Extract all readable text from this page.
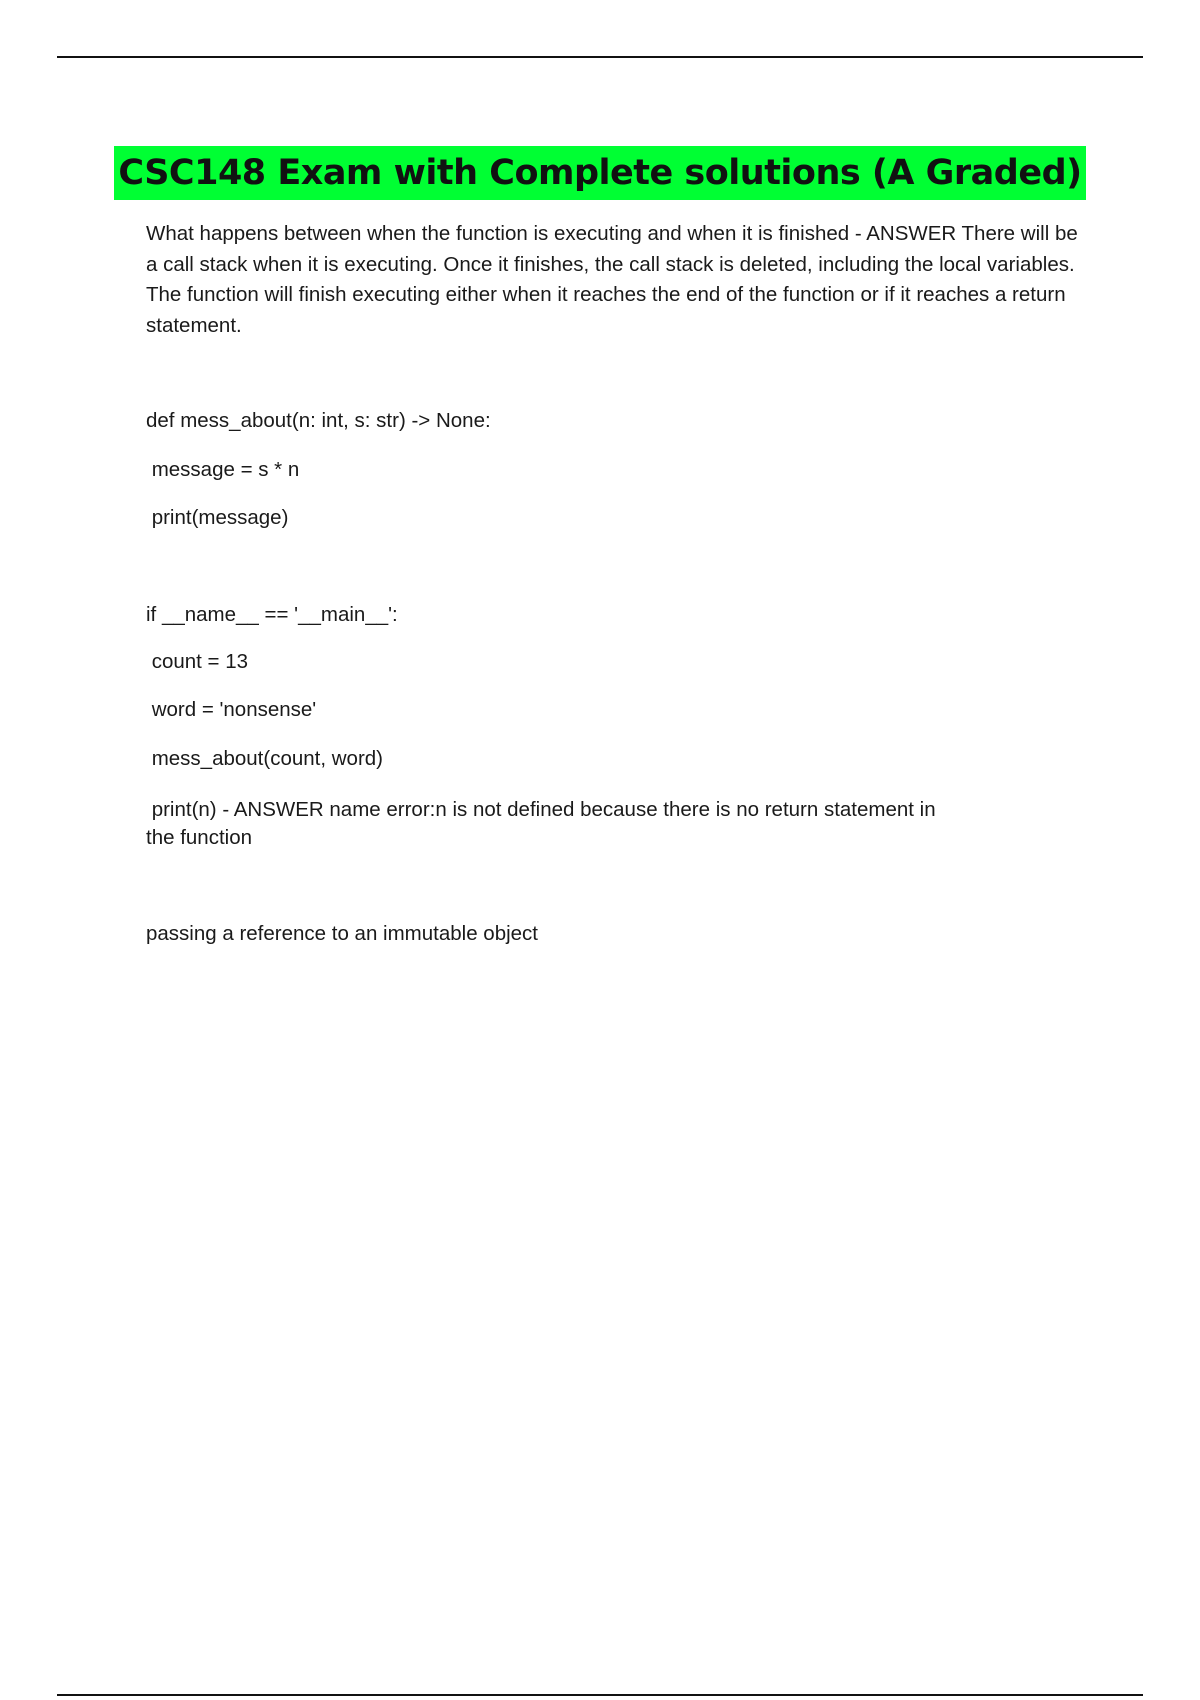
CSC148 Exam with Complete solutions (A Graded)

What happens between when the function is executing and when it is finished - ANSWER There will be a call stack when it is executing. Once it finishes, the call stack is deleted, including the local variables. The function will finish executing either when it reaches the end of the function or if it reaches a return statement.

def mess_about(n: int, s: str) -> None:

message = s * n

print(message)

if __name__ == '__main__':

count = 13

word = 'nonsense'

mess_about(count, word)

print(n) - ANSWER name error:n is not defined because there is no return statement in
the function

passing a reference to an immutable object
